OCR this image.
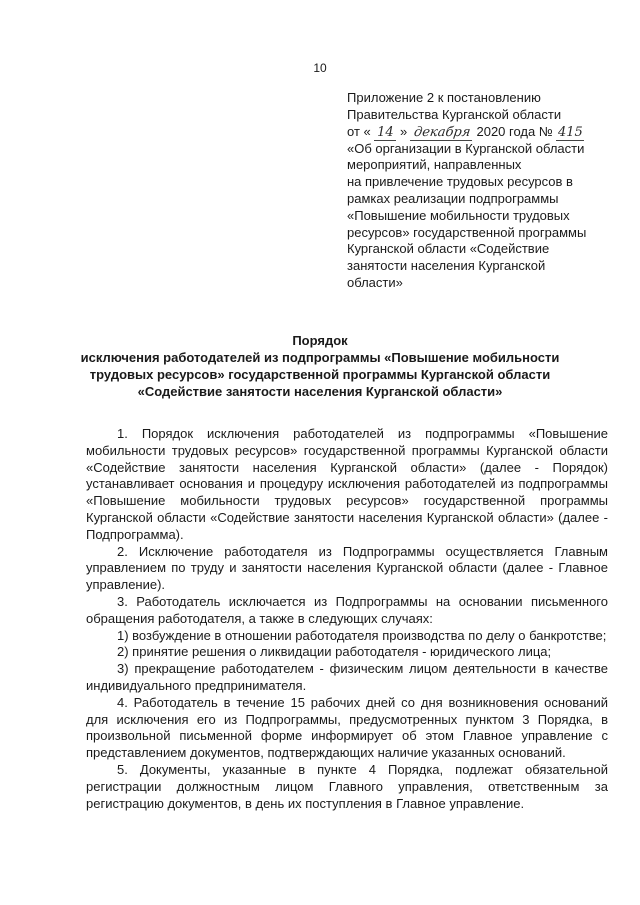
10
Приложение 2 к постановлению
Правительства Курганской области
от « 14 » декабря 2020 года № 415
«Об организации в Курганской области
мероприятий, направленных
на привлечение трудовых ресурсов в
рамках реализации подпрограммы
«Повышение мобильности трудовых
ресурсов» государственной программы
Курганской области «Содействие
занятости населения Курганской
области»
Порядок
исключения работодателей из подпрограммы «Повышение мобильности
трудовых ресурсов» государственной программы Курганской области
«Содействие занятости населения Курганской области»

1. Порядок исключения работодателей из подпрограммы «Повышение мобильности трудовых ресурсов» государственной программы Курганской области «Содействие занятости населения Курганской области» (далее - Порядок) устанавливает основания и процедуру исключения работодателей из подпрограммы «Повышение мобильности трудовых ресурсов» государственной программы Курганской области «Содействие занятости населения Курганской области» (далее - Подпрограмма).

2. Исключение работодателя из Подпрограммы осуществляется Главным управлением по труду и занятости населения Курганской области (далее - Главное управление).

3. Работодатель исключается из Подпрограммы на основании письменного обращения работодателя, а также в следующих случаях:

1) возбуждение в отношении работодателя производства по делу о банкротстве;

2) принятие решения о ликвидации работодателя - юридического лица;

3) прекращение работодателем - физическим лицом деятельности в качестве индивидуального предпринимателя.

4. Работодатель в течение 15 рабочих дней со дня возникновения оснований для исключения его из Подпрограммы, предусмотренных пунктом 3 Порядка, в произвольной письменной форме информирует об этом Главное управление с представлением документов, подтверждающих наличие указанных оснований.

5. Документы, указанные в пункте 4 Порядка, подлежат обязательной регистрации должностным лицом Главного управления, ответственным за регистрацию документов, в день их поступления в Главное управление.
